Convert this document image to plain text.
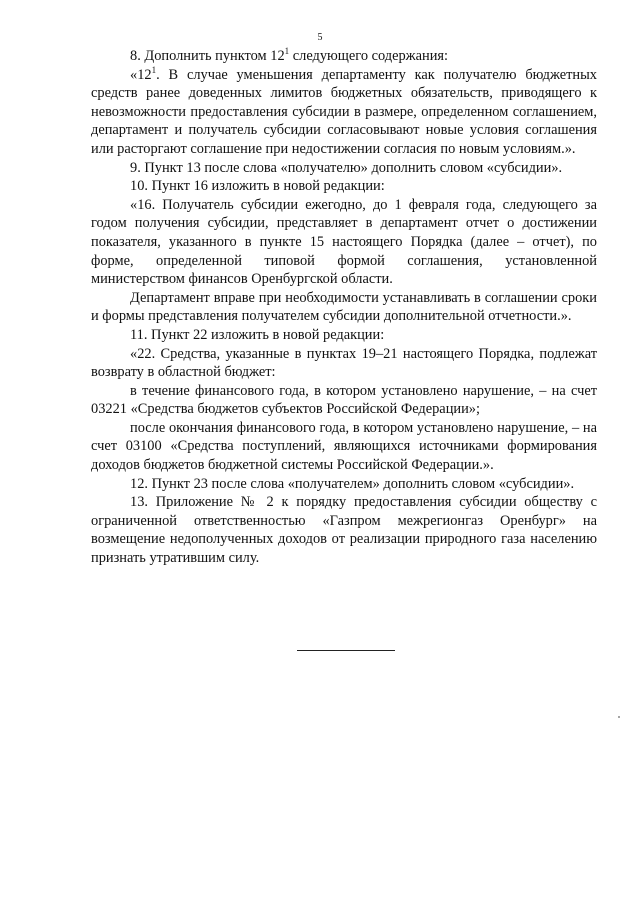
5

8. Дополнить пунктом $12^1$ следующего содержания:

«$12^1$. В случае уменьшения департаменту как получателю бюджетных средств ранее доведенных лимитов бюджетных обязательств, приводящего к невозможности предоставления субсидии в размере, определенном соглашением, департамент и получатель субсидии согласовывают новые условия соглашения или расторгают соглашение при недостижении согласия по новым условиям.».

9. Пункт 13 после слова «получателю» дополнить словом «субсидии».

10. Пункт 16 изложить в новой редакции:

«16. Получатель субсидии ежегодно, до 1 февраля года, следующего за годом получения субсидии, представляет в департамент отчет о достижении показателя, указанного в пункте 15 настоящего Порядка (далее – отчет), по форме, определенной типовой формой соглашения, установленной министерством финансов Оренбургской области.

Департамент вправе при необходимости устанавливать в соглашении сроки и формы представления получателем субсидии дополнительной отчетности.».

11. Пункт 22 изложить в новой редакции:

«22. Средства, указанные в пунктах 19–21 настоящего Порядка, подлежат возврату в областной бюджет:

в течение финансового года, в котором установлено нарушение, – на счет 03221 «Средства бюджетов субъектов Российской Федерации»;

после окончания финансового года, в котором установлено нарушение, – на счет 03100 «Средства поступлений, являющихся источниками формирования доходов бюджетов бюджетной системы Российской Федерации.».

12. Пункт 23 после слова «получателем» дополнить словом «субсидии».

13. Приложение № 2 к порядку предоставления субсидии обществу с ограниченной ответственностью «Газпром межрегионгаз Оренбург» на возмещение недополученных доходов от реализации природного газа населению признать утратившим силу.
